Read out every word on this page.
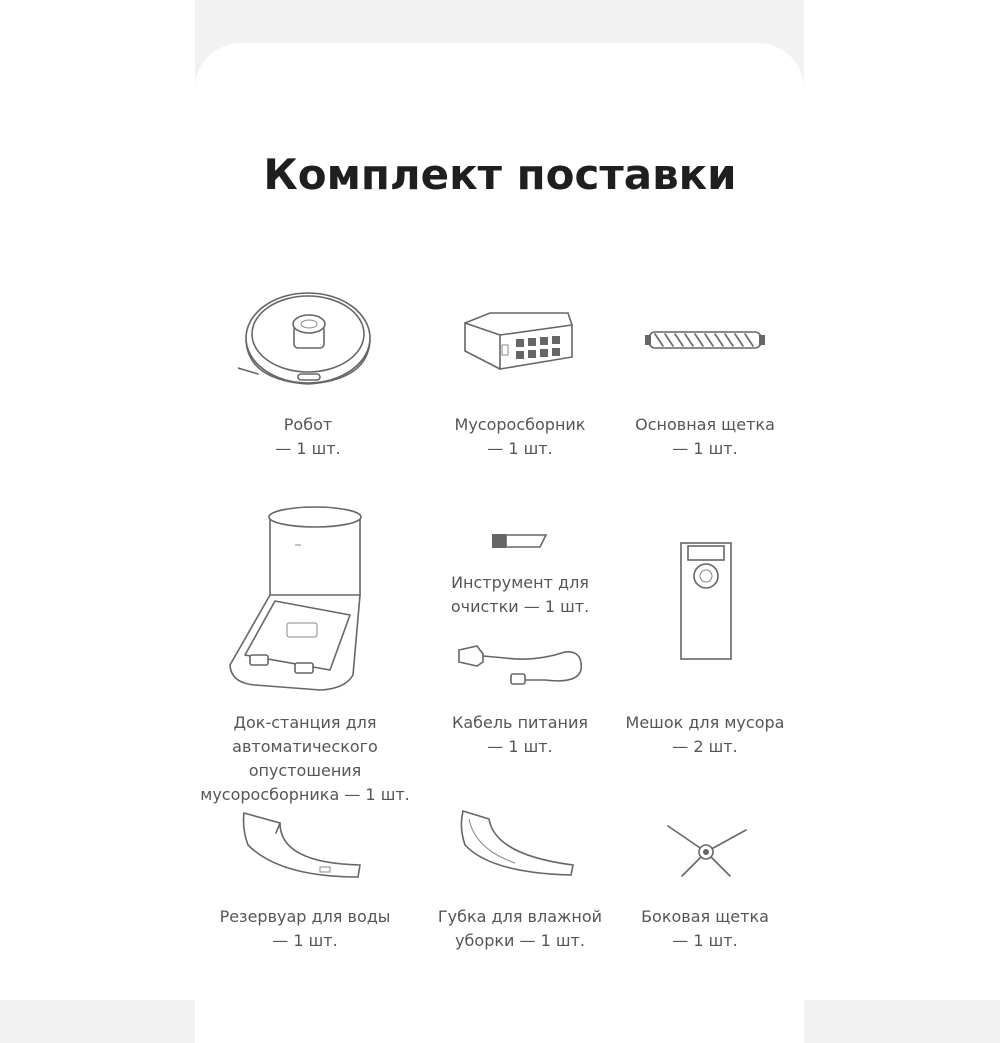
Комплект поставки
Робот
— 1 шт.
Мусоросборник
— 1 шт.
Основная щетка
— 1 шт.
Док-станция для
автоматического
опустошения
мусоросборника — 1 шт.
Инструмент для
очистки — 1 шт.
Мешок для мусора
— 2 шт.
Кабель питания
— 1 шт.
Резервуар для воды
— 1 шт.
Губка для влажной
уборки — 1 шт.
Боковая щетка
— 1 шт.
